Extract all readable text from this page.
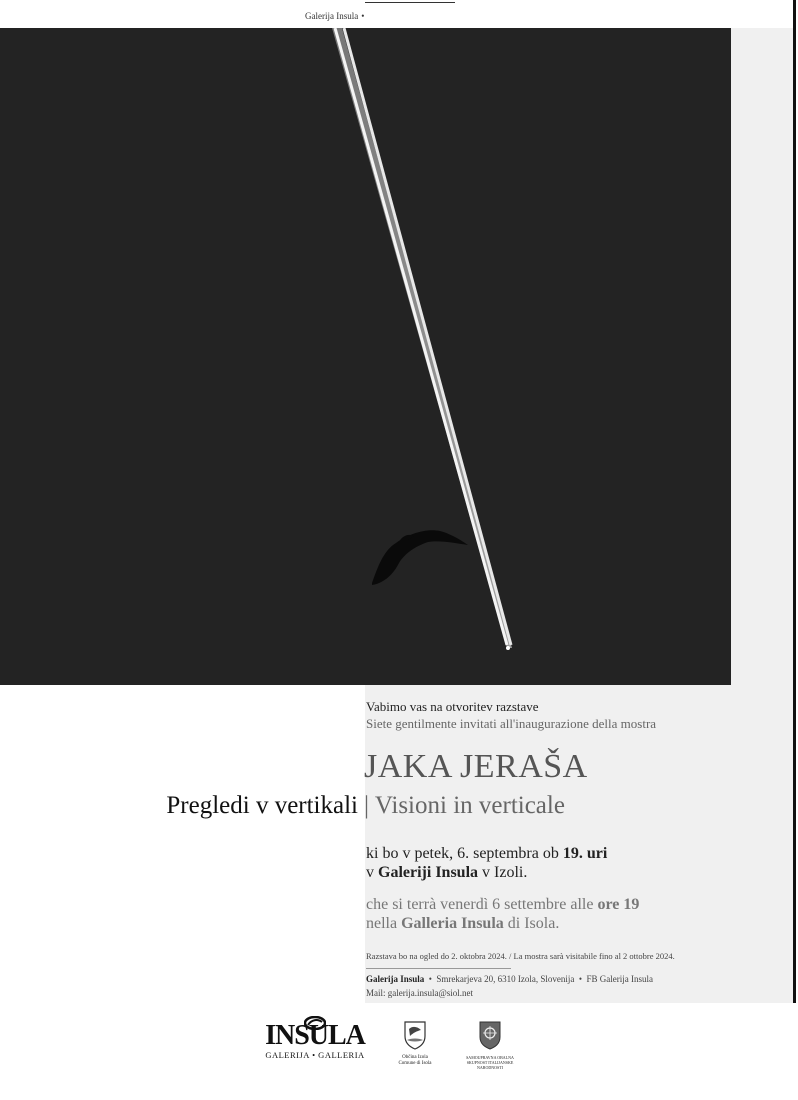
Galerija Insula •
Vabimo vas na otvoritev razstave
Siete gentilmente invitati all'inaugurazione della mostra
JAKA JERAŠA
Pregledi v vertikali | Visioni in verticale
ki bo v petek, 6. septembra ob 19. uri
v Galeriji Insula v Izoli.
che si terrà venerdì 6 settembre alle ore 19
nella Galleria Insula di Isola.
Razstava bo na ogled do 2. oktobra 2024. / La mostra sarà visitabile fino al 2 ottobre 2024.
Galerija Insula  •  Smrekarjeva 20, 6310 Izola, Slovenija  •  FB Galerija Insula
Mail: galerija.insula@siol.net
INSULA
GALERIJA • GALLERIA	Občina Izola
Comune di Isola
SAMOUPRAVNA OBALNA
SKUPNOST ITALIJANSKE NARODNOSTI
